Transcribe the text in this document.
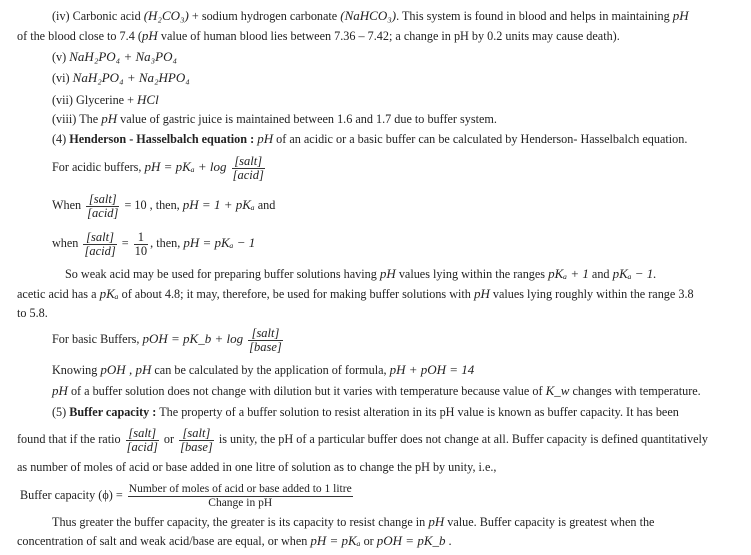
(iv) Carbonic acid (H₂CO₃) + sodium hydrogen carbonate (NaHCO₃). This system is found in blood and helps in maintaining pH
of the blood close to 7.4 (pH value of human blood lies between 7.36 – 7.42; a change in pH by 0.2 units may cause death).
(v) NaH₂PO₄ + Na₃PO₄
(vi) NaH₂PO₄ + Na₂HPO₄
(vii) Glycerine + HCl
(viii) The pH value of gastric juice is maintained between 1.6 and 1.7 due to buffer system.
(4) Henderson - Hasselbalch equation : pH of an acidic or a basic buffer can be calculated by Henderson- Hasselbalch equation.
For acidic buffers, pH = $pK_a + \log \frac{\text{[salt]}}{\text{[acid]}}$
When $\frac{\text{[salt]}}{\text{[acid]}} = 10$ , then, pH = 1 + pKₐ and
when $\frac{\text{[salt]}}{\text{[acid]}} = \frac{1}{10}$ , then, pH = pKₐ − 1
So weak acid may be used for preparing buffer solutions having pH values lying within the ranges pKₐ + 1 and pKₐ − 1.
acetic acid has a pKₐ of about 4.8; it may, therefore, be used for making buffer solutions with pH values lying roughly within the range 3.8
to 5.8.
For basic Buffers, pOH = pK_b + $\log \frac{\text{[salt]}}{\text{[base]}}$
Knowing pOH , pH can be calculated by the application of formula, pH + pOH = 14
pH of a buffer solution does not change with dilution but it varies with temperature because value of K_w changes with temperature.
(5) Buffer capacity : The property of a buffer solution to resist alteration in its pH value is known as buffer capacity. It has been
found that if the ratio $\frac{\text{[salt]}}{\text{[acid]}}$ or $\frac{\text{[salt]}}{\text{[base]}}$ is unity, the pH of a particular buffer does not change at all. Buffer capacity is defined quantitatively
as number of moles of acid or base added in one litre of solution as to change the pH by unity, i.e.,
Buffer capacity $(\phi) = \frac{\text{Number of moles of acid or base added to 1 litre}}{\text{Change in pH}}$
Thus greater the buffer capacity, the greater is its capacity to resist change in pH value. Buffer capacity is greatest when the
concentration of salt and weak acid/base are equal, or when pH = pKₐ or pOH = pK_b .
